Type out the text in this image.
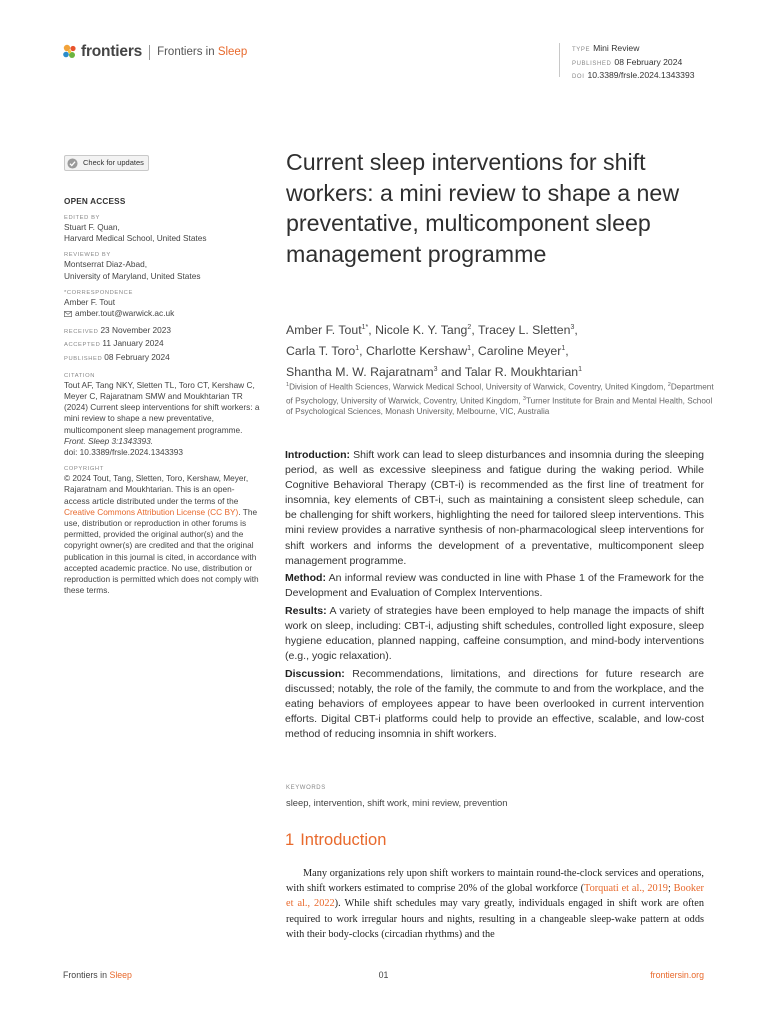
frontiers Frontiers in Sleep	TYPE Mini Review
PUBLISHED 08 February 2024
DOI 10.3389/frsle.2024.1343393
Check for updates
OPEN ACCESS
EDITED BY
Stuart F. Quan,
Harvard Medical School, United States
REVIEWED BY
Montserrat Diaz-Abad,
University of Maryland, United States
*CORRESPONDENCE
Amber F. Tout
amber.tout@warwick.ac.uk
RECEIVED 23 November 2023
ACCEPTED 11 January 2024
PUBLISHED 08 February 2024
CITATION
Tout AF, Tang NKY, Sletten TL, Toro CT, Kershaw C, Meyer C, Rajaratnam SMW and Moukhtarian TR (2024) Current sleep interventions for shift workers: a mini review to shape a new preventative, multicomponent sleep management programme.
Front. Sleep 3:1343393.
doi: 10.3389/frsle.2024.1343393
COPYRIGHT
© 2024 Tout, Tang, Sletten, Toro, Kershaw, Meyer, Rajaratnam and Moukhtarian. This is an open-access article distributed under the terms of the Creative Commons Attribution License (CC BY). The use, distribution or reproduction in other forums is permitted, provided the original author(s) and the copyright owner(s) are credited and that the original publication in this journal is cited, in accordance with accepted academic practice. No use, distribution or reproduction is permitted which does not comply with these terms.
Current sleep interventions for shift workers: a mini review to shape a new preventative, multicomponent sleep management programme
Amber F. Tout$^{1*}$, Nicole K. Y. Tang$^2$, Tracey L. Sletten$^3$,
Carla T. Toro$^1$, Charlotte Kershaw$^1$, Caroline Meyer$^1$,
Shantha M. W. Rajaratnam$^3$ and Talar R. Moukhtarian$^1$
$^1$Division of Health Sciences, Warwick Medical School, University of Warwick, Coventry, United Kingdom, $^2$Department of Psychology, University of Warwick, Coventry, United Kingdom, $^3$Turner Institute for Brain and Mental Health, School of Psychological Sciences, Monash University, Melbourne, VIC, Australia

Introduction: Shift work can lead to sleep disturbances and insomnia during the sleeping period, as well as excessive sleepiness and fatigue during the waking period. While Cognitive Behavioral Therapy (CBT-i) is recommended as the first line of treatment for insomnia, key elements of CBT-i, such as maintaining a consistent sleep schedule, can be challenging for shift workers, highlighting the need for tailored sleep interventions. This mini review provides a narrative synthesis of non-pharmacological sleep interventions for shift workers and informs the development of a preventative, multicomponent sleep management programme.

Method: An informal review was conducted in line with Phase 1 of the Framework for the Development and Evaluation of Complex Interventions.

Results: A variety of strategies have been employed to help manage the impacts of shift work on sleep, including: CBT-i, adjusting shift schedules, controlled light exposure, sleep hygiene education, planned napping, caffeine consumption, and mind-body interventions (e.g., yogic relaxation).

Discussion: Recommendations, limitations, and directions for future research are discussed; notably, the role of the family, the commute to and from the workplace, and the eating behaviors of employees appear to have been overlooked in current intervention efforts. Digital CBT-i platforms could help to provide an effective, scalable, and low-cost method of reducing insomnia in shift workers.

KEYWORDS
sleep, intervention, shift work, mini review, prevention
1 Introduction
Many organizations rely upon shift workers to maintain round-the-clock services and operations, with shift workers estimated to comprise 20% of the global workforce (Torquati et al., 2019; Booker et al., 2022). While shift schedules may vary greatly, individuals engaged in shift work are often required to work irregular hours and nights, resulting in a changeable sleep-wake pattern at odds with their body-clocks (circadian rhythms) and the
Frontiers in Sleep	01	frontiersin.org
